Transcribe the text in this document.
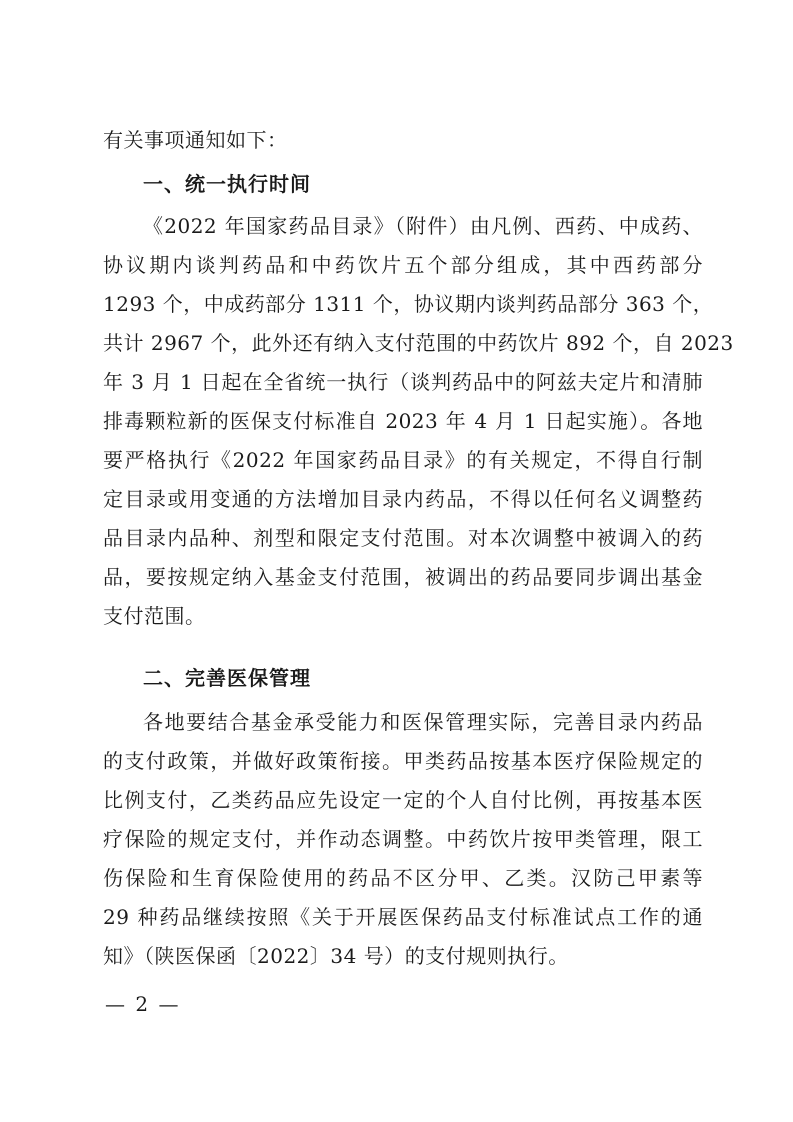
有关事项通知如下：
一、统一执行时间
《2022 年国家药品目录》（附件）由凡例、西药、中成药、
协议期内谈判药品和中药饮片五个部分组成，其中西药部分
1293 个，中成药部分 1311 个，协议期内谈判药品部分 363 个，
共计 2967 个，此外还有纳入支付范围的中药饮片 892 个，自 2023
年 3 月 1 日起在全省统一执行（谈判药品中的阿兹夫定片和清肺
排毒颗粒新的医保支付标准自 2023 年 4 月 1 日起实施）。各地
要严格执行《2022 年国家药品目录》的有关规定，不得自行制
定目录或用变通的方法增加目录内药品，不得以任何名义调整药
品目录内品种、剂型和限定支付范围。对本次调整中被调入的药
品，要按规定纳入基金支付范围，被调出的药品要同步调出基金
支付范围。
二、完善医保管理
各地要结合基金承受能力和医保管理实际，完善目录内药品
的支付政策，并做好政策衔接。甲类药品按基本医疗保险规定的
比例支付，乙类药品应先设定一定的个人自付比例，再按基本医
疗保险的规定支付，并作动态调整。中药饮片按甲类管理，限工
伤保险和生育保险使用的药品不区分甲、乙类。汉防己甲素等
29 种药品继续按照《关于开展医保药品支付标准试点工作的通
知》（陕医保函〔2022〕34 号）的支付规则执行。
— 2 —
